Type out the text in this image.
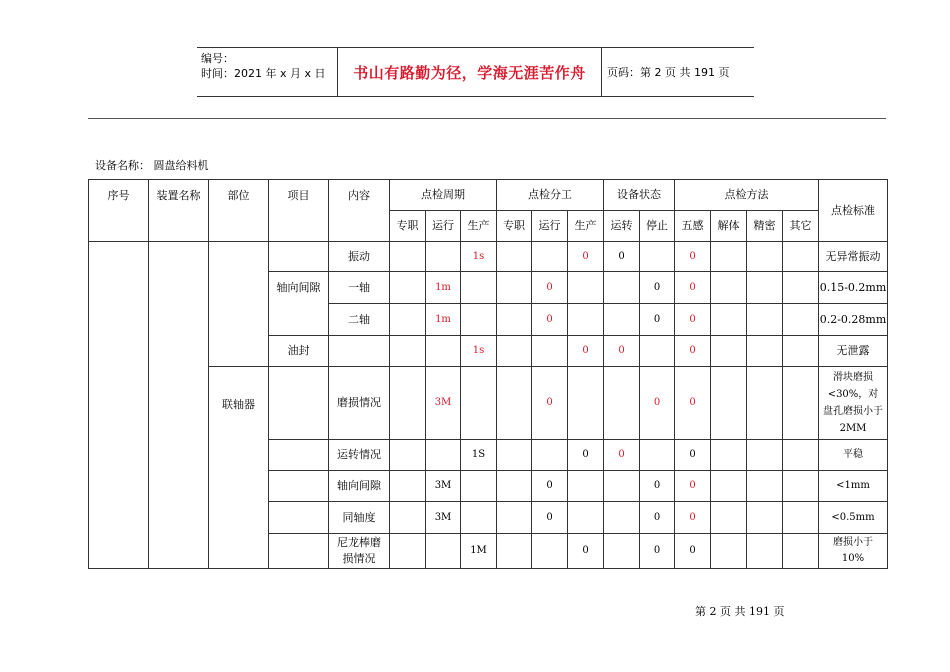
编号：
时间：2021 年 x 月 x 日	书山有路勤为径，学海无涯苦作舟	页码：第 2 页 共 191 页
设备名称： 圆盘给料机
序号	装置名称	部位	项目	内容	点检周期			点检分工			设备状态		点检方法				点检标准
					专职	运行	生产	专职	运行	生产	运转	停止	五感	解体	精密	其它	
				振动			1s			0	0		0				无异常振动
			轴向间隙	一轴		1m			0			0	0				0.15-0.2mm
				二轴		1m			0			0	0				0.2-0.28mm
			油封				1s			0	0		0				无泄露
		联轴器		磨损情况		3M			0			0	0				滑块磨损<30%，对盘孔磨损小于2MM
				运转情况			1S			0	0		0				平稳
				轴向间隙		3M			0			0	0				<1mm
				同轴度		3M			0			0	0				<0.5mm
				尼龙棒磨损情况			1M			0		0	0				磨损小于10%
第 2 页 共 191 页
